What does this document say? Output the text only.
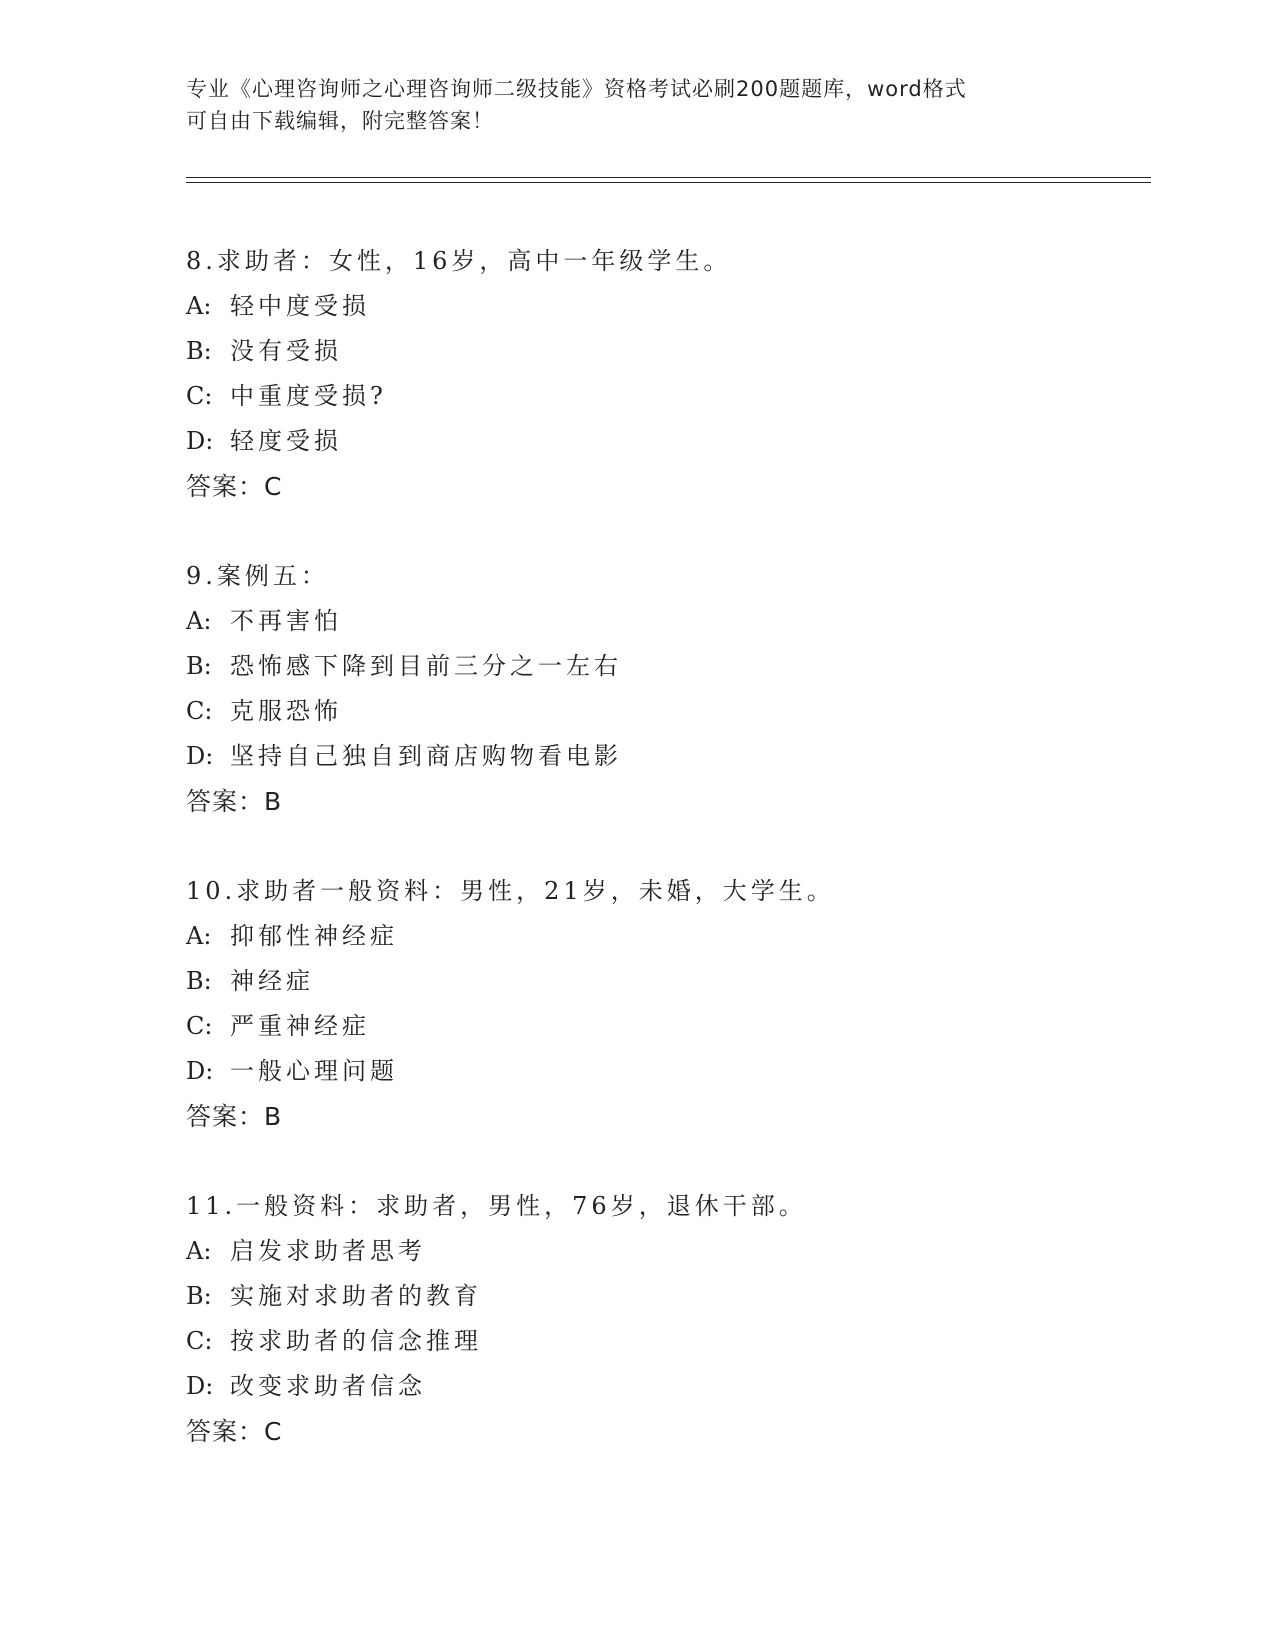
专业《心理咨询师之心理咨询师二级技能》资格考试必刷200题题库，word格式
可自由下载编辑，附完整答案！
8.求助者：女性，16岁，高中一年级学生。
A: 轻中度受损
B: 没有受损
C: 中重度受损?
D: 轻度受损
答案：C
9.案例五：
A: 不再害怕
B: 恐怖感下降到目前三分之一左右
C: 克服恐怖
D: 坚持自己独自到商店购物看电影
答案：B
10.求助者一般资料：男性，21岁，未婚，大学生。
A: 抑郁性神经症
B: 神经症
C: 严重神经症
D: 一般心理问题
答案：B
11.一般资料：求助者，男性，76岁，退休干部。
A: 启发求助者思考
B: 实施对求助者的教育
C: 按求助者的信念推理
D: 改变求助者信念
答案：C
